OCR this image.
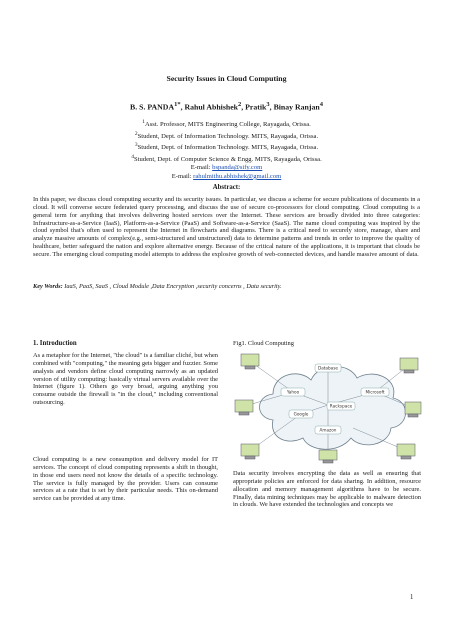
Security Issues in Cloud Computing
B. S. $PANDA^{1*}$, Rahul Abhishek$^2$, Pratik$^3$, Binay Ranjan$^4$
$^1$Asst. Professor, MITS Engineering College, Rayagada, Orissa.
$^2$Student, Dept. of Information Technology. MITS, Rayagada, Orissa.
$^3$Student, Dept. of Information Technology. MITS, Rayagada, Orissa.
$^4$Student, Dept. of Computer Science & Engg. MITS, Rayagada, Orissa.
E-mail: bspanda@sify.com
E-mail: rahulmithu.abhishek@gmail.com
Abstract:

In this paper, we discuss cloud computing security and its security issues. In particular, we discuss a scheme for secure publications of documents in a cloud. It will converse secure federated query processing, and discuss the use of secure co-processors for cloud computing. Cloud computing is a general term for anything that involves delivering hosted services over the Internet. These services are broadly divided into three categories: Infrastructure-as-a-Service (IaaS), Platform-as-a-Service (PaaS) and Software-as-a-Service (SaaS). The name cloud computing was inspired by the cloud symbol that's often used to represent the Internet in flowcharts and diagrams. There is a critical need to securely store, manage, share and analyze massive amounts of complex(e.g., semi-structured and unstructured) data to determine patterns and trends in order to improve the quality of healthcare, better safeguard the nation and explore alternative energy. Because of the critical nature of the applications, it is important that clouds be secure. The emerging cloud computing model attempts to address the explosive growth of web-connected devices, and handle massive amount of data.

Key Words: IaaS, PaaS, SaaS , Cloud Module ,Data Encryption ,security concerns , Data security.

1. Introduction

As a metaphor for the Internet, "the cloud" is a familiar cliché, but when combined with "computing," the meaning gets bigger and fuzzier. Some analysts and vendors define cloud computing narrowly as an updated version of utility computing: basically virtual servers available over the Internet (figure 1). Others go very broad, arguing anything you consume outside the firewall is "in the cloud," including conventional outsourcing.

Cloud computing is a new consumption and delivery model for IT services. The concept of cloud computing represents a shift in thought, in those end users need not know the details of a specific technology. The service is fully managed by the provider. Users can consume services at a rate that is set by their particular needs. This on-demand service can be provided at any time.

Fig1. Cloud Computing
Database
Yahoo	Microsoft
Rackspace
Google
Amazon

Data security involves encrypting the data as well as ensuring that appropriate policies are enforced for data sharing. In addition, resource allocation and memory management algorithms have to be secure. Finally, data mining techniques may be applicable to malware detection in clouds. We have extended the technologies and concepts we

1
